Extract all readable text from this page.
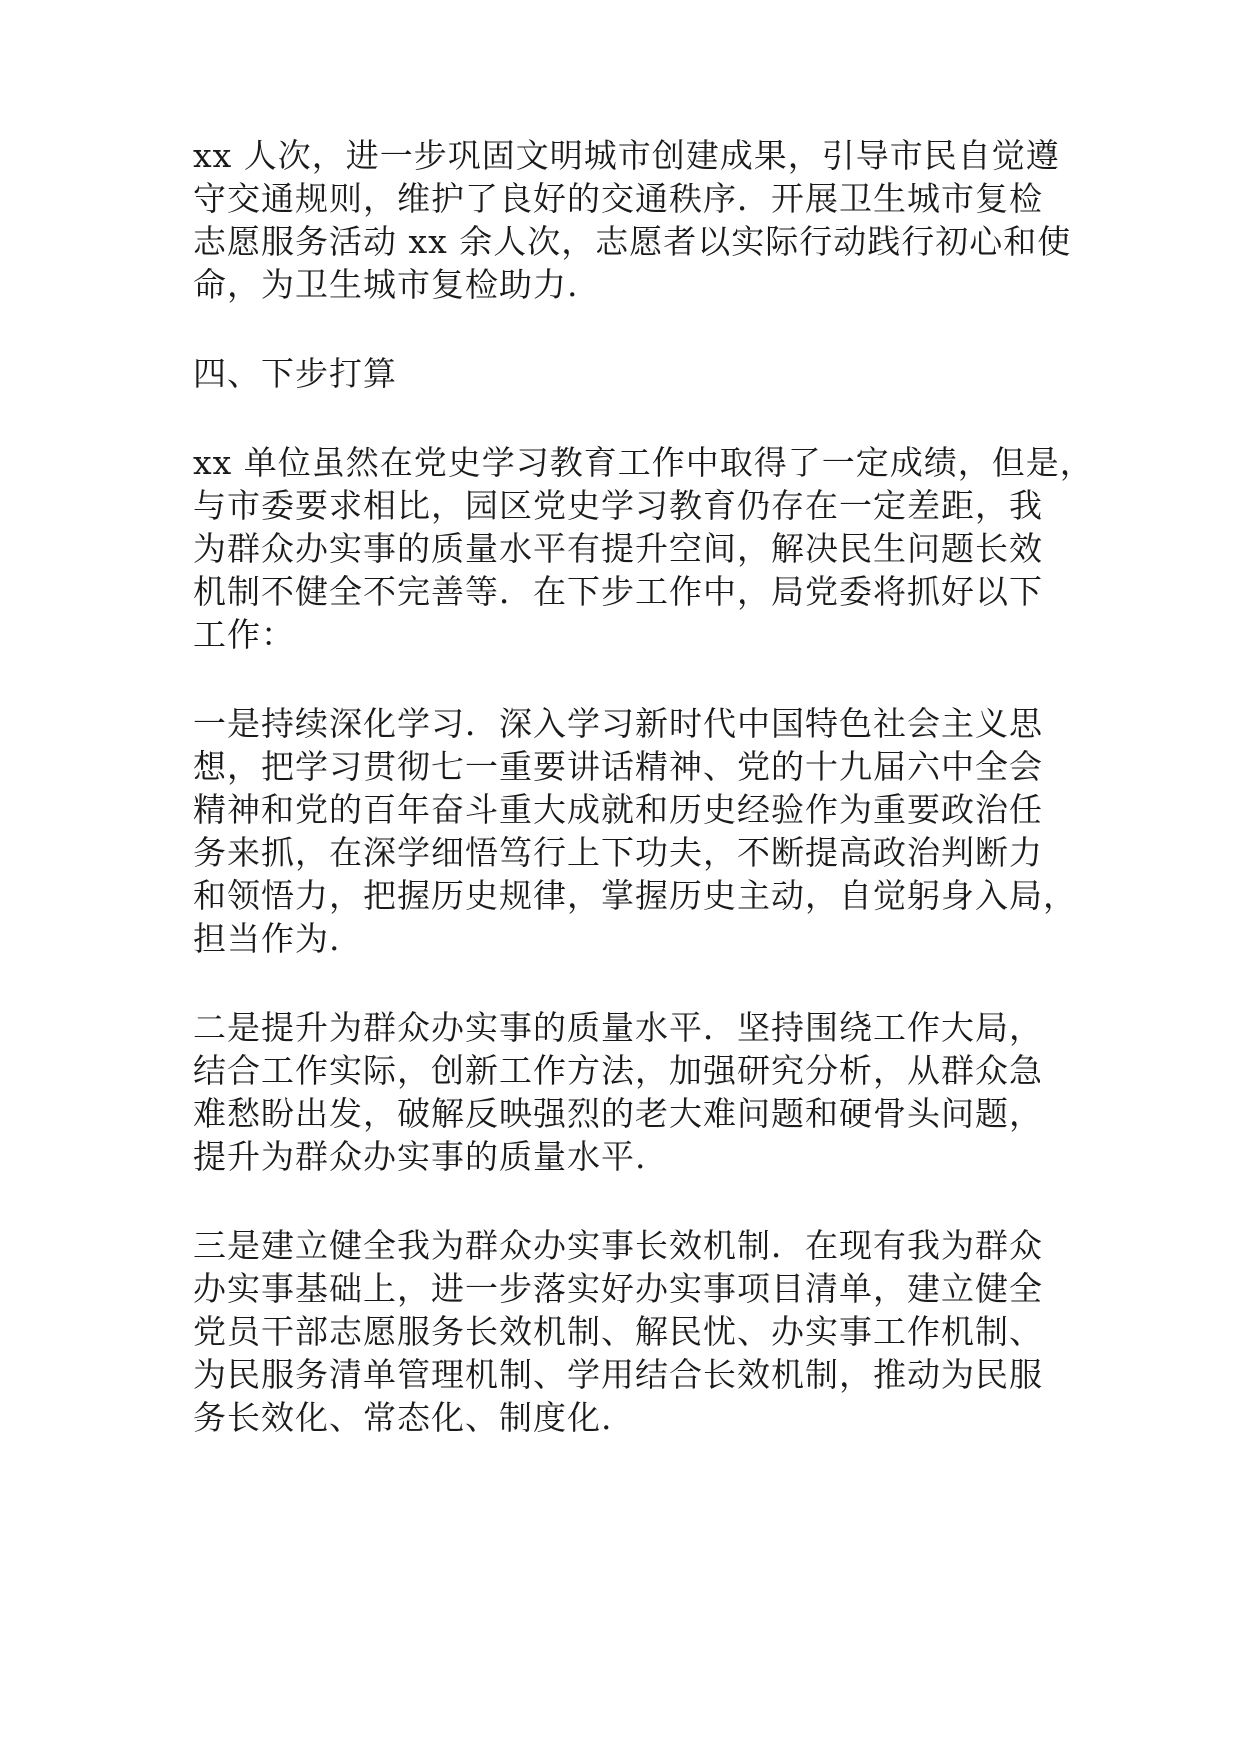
xx 人次，进一步巩固文明城市创建成果，引导市民自觉遵
守交通规则，维护了良好的交通秩序．开展卫生城市复检
志愿服务活动 xx 余人次，志愿者以实际行动践行初心和使
命，为卫生城市复检助力.
四、下步打算
xx 单位虽然在党史学习教育工作中取得了一定成绩，但是，
与市委要求相比，园区党史学习教育仍存在一定差距，我
为群众办实事的质量水平有提升空间，解决民生问题长效
机制不健全不完善等．在下步工作中，局党委将抓好以下
工作：
一是持续深化学习．深入学习新时代中国特色社会主义思
想，把学习贯彻七一重要讲话精神、党的十九届六中全会
精神和党的百年奋斗重大成就和历史经验作为重要政治任
务来抓，在深学细悟笃行上下功夫，不断提高政治判断力
和领悟力，把握历史规律，掌握历史主动，自觉躬身入局，
担当作为.
二是提升为群众办实事的质量水平．坚持围绕工作大局，
结合工作实际，创新工作方法，加强研究分析，从群众急
难愁盼出发，破解反映强烈的老大难问题和硬骨头问题，
提升为群众办实事的质量水平.
三是建立健全我为群众办实事长效机制．在现有我为群众
办实事基础上，进一步落实好办实事项目清单，建立健全
党员干部志愿服务长效机制、解民忧、办实事工作机制、
为民服务清单管理机制、学用结合长效机制，推动为民服
务长效化、常态化、制度化.
